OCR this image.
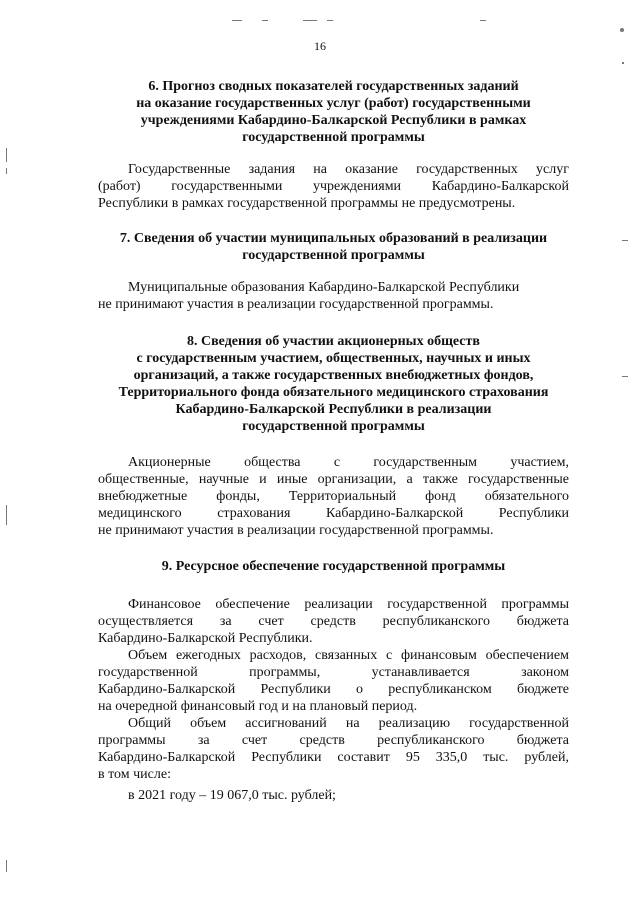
16
6. Прогноз сводных показателей государственных заданий
на оказание государственных услуг (работ) государственными
учреждениями Кабардино-Балкарской Республики в рамках
государственной программы
Государственные задания на оказание государственных услуг
(работ) государственными учреждениями Кабардино-Балкарской
Республики в рамках государственной программы не предусмотрены.
7. Сведения об участии муниципальных образований в реализации
государственной программы
Муниципальные образования Кабардино-Балкарской Республики
не принимают участия в реализации государственной программы.
8. Сведения об участии акционерных обществ
с государственным участием, общественных, научных и иных
организаций, а также государственных внебюджетных фондов,
Территориального фонда обязательного медицинского страхования
Кабардино-Балкарской Республики в реализации
государственной программы
Акционерные общества с государственным участием,
общественные, научные и иные организации, а также государственные
внебюджетные фонды, Территориальный фонд обязательного
медицинского	страхования	Кабардино-Балкарской	Республики
не принимают участия в реализации государственной программы.
9. Ресурсное обеспечение государственной программы
Финансовое обеспечение реализации государственной программы
осуществляется за счет средств республиканского бюджета
Кабардино-Балкарской Республики.
Объем ежегодных расходов, связанных с финансовым обеспечением
государственной	программы,	устанавливается	законом
Кабардино-Балкарской Республики о республиканском бюджете
на очередной финансовый год и на плановый период.
Общий объем ассигнований на реализацию государственной
программы за счет средств республиканского бюджета
Кабардино-Балкарской Республики составит 95 335,0 тыс. рублей,
в том числе:
в 2021 году – 19 067,0 тыс. рублей;
